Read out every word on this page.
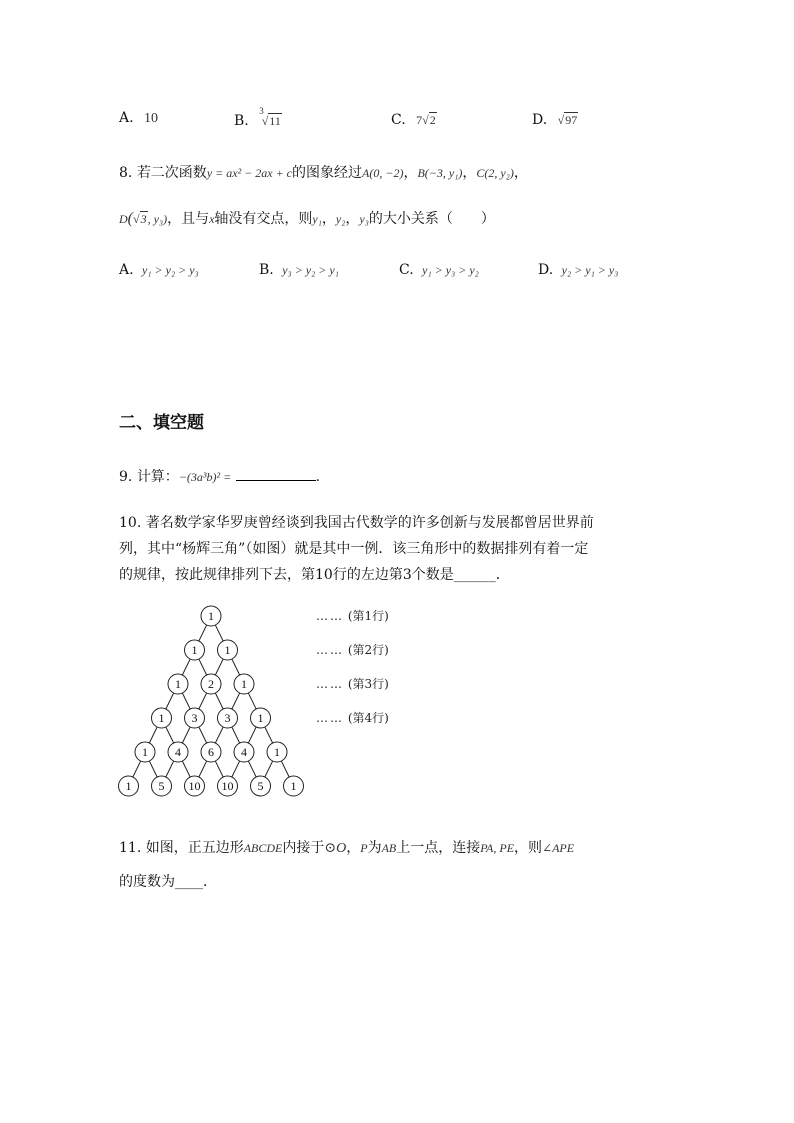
A. 10	B. $^3$√11	C. 7√2	D. √97
8. 若二次函数y = ax² − 2ax + c的图象经过A(0, −2)，B(−3, y₁)，C(2, y₂)，
D(√3, y₃)，且与x轴没有交点，则y₁，y₂，y₃的大小关系（　　）
A. y₁ > y₂ > y₃	B. y₃ > y₂ > y₁	C. y₁ > y₃ > y₂	D. y₂ > y₁ > y₃
二、填空题
9. 计算：−(3a³b)² =	.
10. 著名数学家华罗庚曾经谈到我国古代数学的许多创新与发展都曾居世界前
列，其中“杨辉三角”（如图）就是其中一例．该三角形中的数据排列有着一定
的规律，按此规律排列下去，第10行的左边第3个数是______．
1
1 1
1 2 1
1 3 3 1
1 4 6 4 1
1 5 10 10 5 1
…… (第1行)
…… (第2行)
…… (第3行)
…… (第4行)
11. 如图，正五边形ABCDE内接于⊙O，P为AB上一点，连接PA, PE，则∠APE
的度数为____．
